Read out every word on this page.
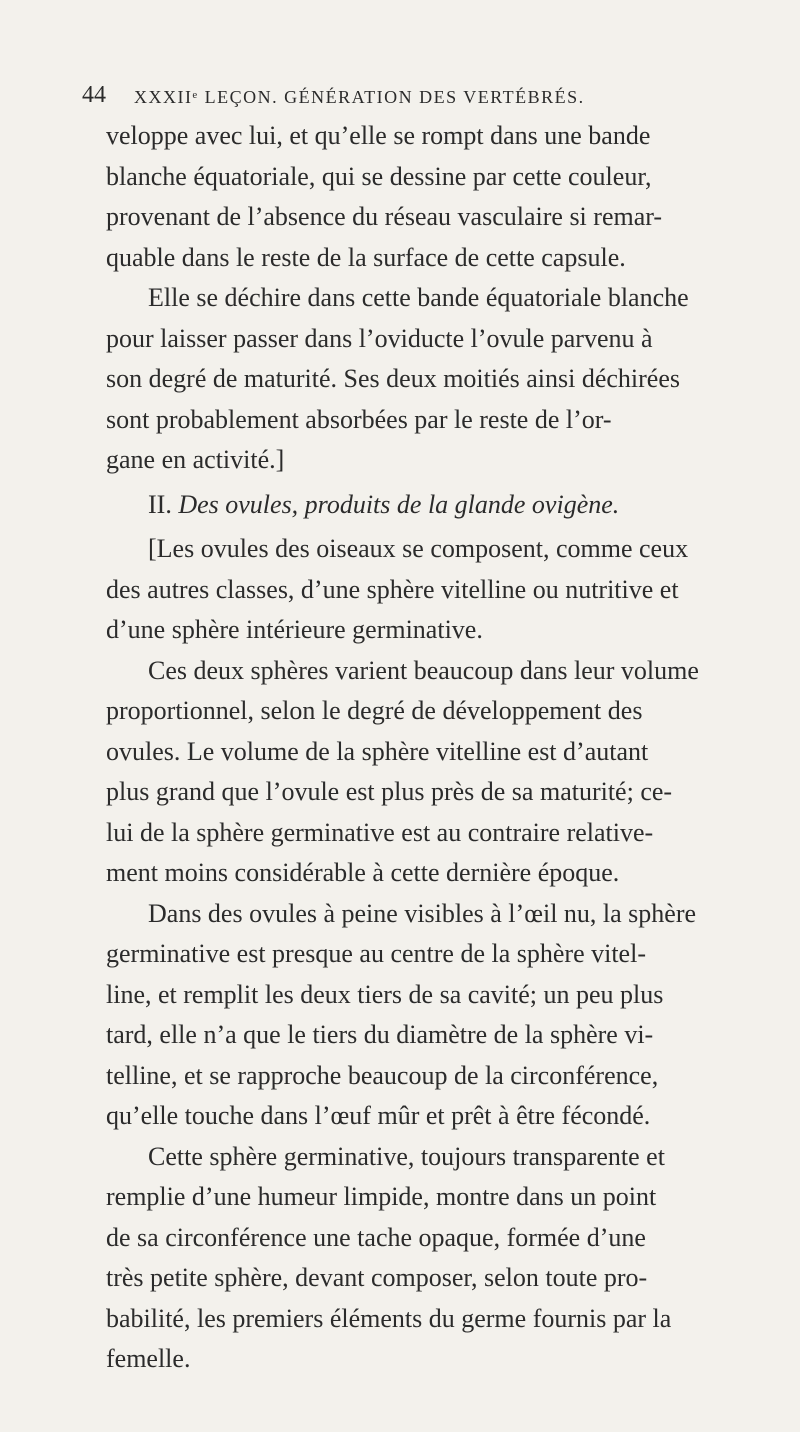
44 XXXIIᵉ LEÇON. GÉNÉRATION DES VERTÉBRÉS.
veloppe avec lui, et qu’elle se rompt dans une bande
blanche équatoriale, qui se dessine par cette couleur,
provenant de l’absence du réseau vasculaire si remar-
quable dans le reste de la surface de cette capsule.
Elle se déchire dans cette bande équatoriale blanche
pour laisser passer dans l’oviducte l’ovule parvenu à
son degré de maturité. Ses deux moitiés ainsi déchirées
sont probablement absorbées par le reste de l’or-
gane en activité.]
II. Des ovules, produits de la glande ovigène.
[Les ovules des oiseaux se composent, comme ceux
des autres classes, d’une sphère vitelline ou nutritive et
d’une sphère intérieure germinative.
Ces deux sphères varient beaucoup dans leur volume
proportionnel, selon le degré de développement des
ovules. Le volume de la sphère vitelline est d’autant
plus grand que l’ovule est plus près de sa maturité; ce-
lui de la sphère germinative est au contraire relative-
ment moins considérable à cette dernière époque.
Dans des ovules à peine visibles à l’œil nu, la sphère
germinative est presque au centre de la sphère vitel-
line, et remplit les deux tiers de sa cavité; un peu plus
tard, elle n’a que le tiers du diamètre de la sphère vi-
telline, et se rapproche beaucoup de la circonférence,
qu’elle touche dans l’œuf mûr et prêt à être fécondé.
Cette sphère germinative, toujours transparente et
remplie d’une humeur limpide, montre dans un point
de sa circonférence une tache opaque, formée d’une
très petite sphère, devant composer, selon toute pro-
babilité, les premiers éléments du germe fournis par la
femelle.
